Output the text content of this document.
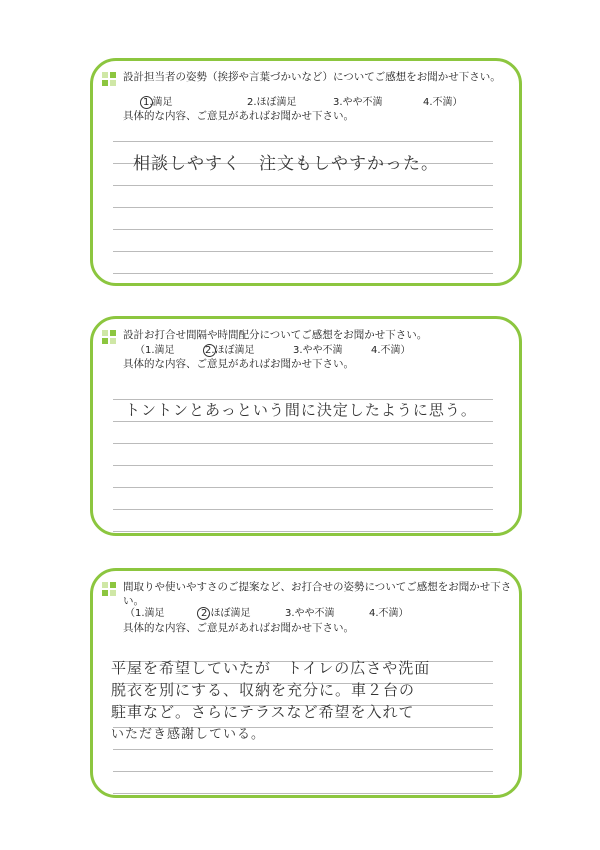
設計担当者の姿勢（挨拶や言葉づかいなど）についてご感想をお聞かせ下さい。
1.満足	2.ほぼ満足	3.やや不満	4.不満）
具体的な内容、ご意見があればお聞かせ下さい。
相談しやすく　注文もしやすかった。
設計お打合せ間隔や時間配分についてご感想をお聞かせ下さい。
（1.満足	2.ほぼ満足	3.やや不満	4.不満）
具体的な内容、ご意見があればお聞かせ下さい。
トントンとあっという間に決定したように思う。
間取りや使いやすさのご提案など、お打合せの姿勢についてご感想をお聞かせ下さい。
（1.満足	2.ほぼ満足	3.やや不満	4.不満）
具体的な内容、ご意見があればお聞かせ下さい。
平屋を希望していたが　トイレの広さや洗面
脱衣を別にする、収納を充分に。車２台の
駐車など。さらにテラスなど希望を入れて
いただき感謝している。
